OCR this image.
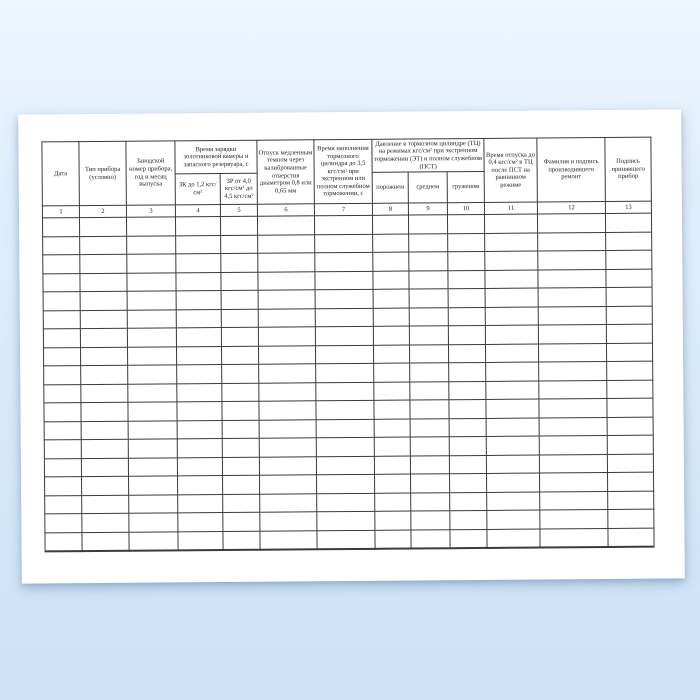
Дата	Тип прибора (условно)	Заводской номер прибора, год и месяц выпуска	Время зарядки золотниковой камеры и запасного резервуара, с		Отпуск медленным темпом через калиброванные отверстия диаметром 0,8 или 0,65 мм	Время наполнения тормозного цилиндра до 3,5 кгс/см² при экстренном или полном служебном торможении, с	Давление в тормозном цилиндре (ТЦ) на режимах кгс/см² при экстренном торможении (ЭТ) и полном служебном (ПСТ)			Время отпуска до 0,4 кгс/см² в ТЦ после ПСТ на равнинном режиме	Фамилия и подпись производившего ремонт	Подпись принявшего прибор
			ЗК до 1,2 кгс/см²	ЗР от 4,0 кгс/см² до 4,5 кгс/см²			порожнем	среднем	груженом			
1	2	3	4	5	6	7	8	9	10	11	12	13
